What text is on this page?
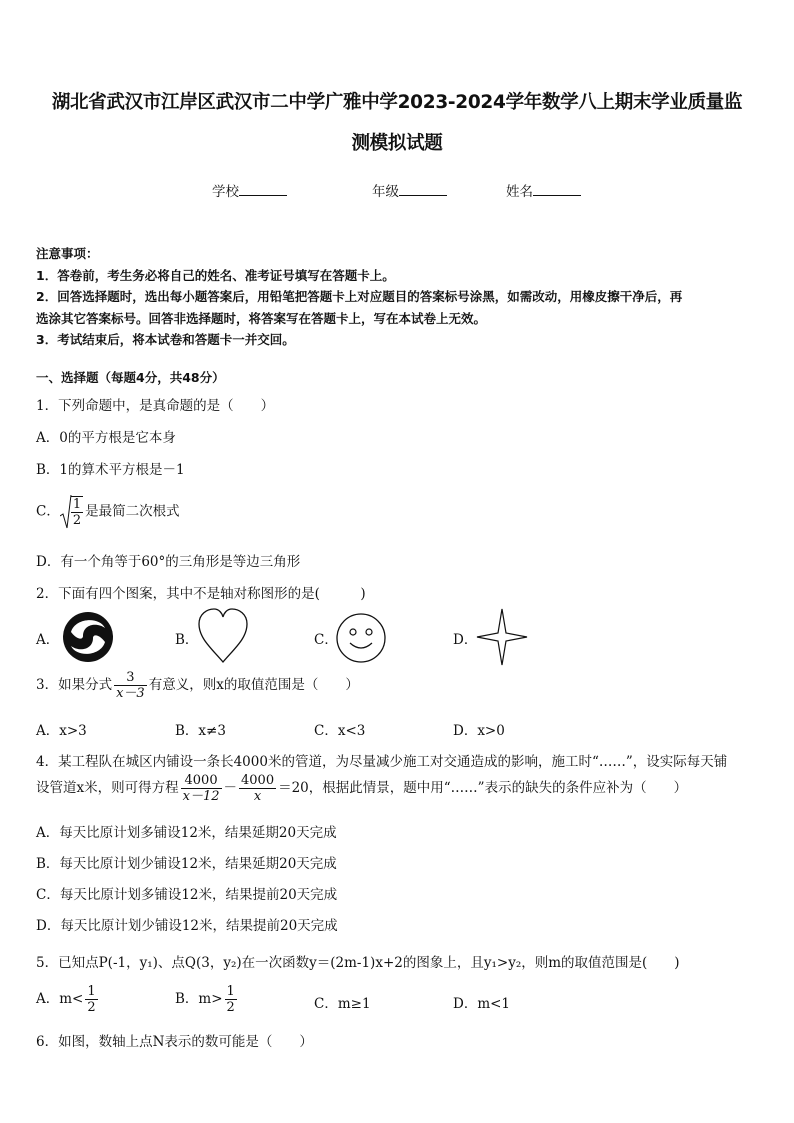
湖北省武汉市江岸区武汉市二中学广雅中学2023-2024学年数学八上期末学业质量监
测模拟试题
学校	年级	姓名
注意事项：
1．答卷前，考生务必将自己的姓名、准考证号填写在答题卡上。
2．回答选择题时，选出每小题答案后，用铅笔把答题卡上对应题目的答案标号涂黑，如需改动，用橡皮擦干净后，再
选涂其它答案标号。回答非选择题时，将答案写在答题卡上，写在本试卷上无效。
3．考试结束后，将本试卷和答题卡一并交回。
一、选择题（每题4分，共48分）
1．下列命题中，是真命题的是（　　）
A．0的平方根是它本身
B．1的算术平方根是－1
C． $\frac{1}{2}$ 是最简二次根式
D．有一个角等于60°的三角形是等边三角形
2．下面有四个图案，其中不是轴对称图形的是(　　　)
A．	B．	C．	D．
3．如果分式 $\frac{3}{x-3}$ 有意义，则x的取值范围是（　　）
A．x>3	B．x≠3	C．x<3	D．x>0
4．某工程队在城区内铺设一条长4000米的管道，为尽量减少施工对交通造成的影响，施工时“……”，设实际每天铺
设管道x米，则可得方程 $\frac{4000}{x-12} - \frac{4000}{x} =20$，根据此情景，题中用“……”表示的缺失的条件应补为（　　）
A．每天比原计划多铺设12米，结果延期20天完成
B．每天比原计划少铺设12米，结果延期20天完成
C．每天比原计划多铺设12米，结果提前20天完成
D．每天比原计划少铺设12米，结果提前20天完成
5．已知点P(-1，y₁)、点Q(3，y₂)在一次函数y＝(2m-1)x+2的图象上，且y₁>y₂，则m的取值范围是(　　)
A．$m< \frac{1}{2}$	B．$m> \frac{1}{2}$	C．m≥1	D．m<1
6．如图，数轴上点N表示的数可能是（　　）
